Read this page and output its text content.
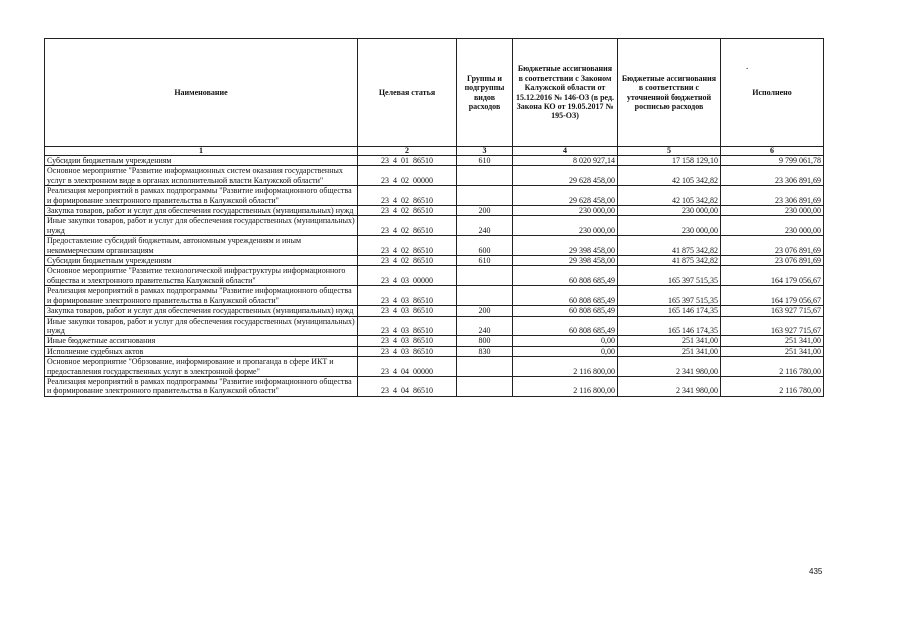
Наименование	Целевая статья	Группы и подгруппы видов расходов	Бюджетные ассигнования в соответствии с Законом Калужской области от 15.12.2016 № 146-ОЗ (в ред. Закона КО от 19.05.2017 № 195-ОЗ)	Бюджетные ассигнования в соответствии с уточненной бюджетной росписью расходов	Исполнено
1	2	3	4	5	6
Субсидии бюджетным учреждениям	23  4  01  86510	610	8 020 927,14	17 158 129,10	9 799 061,78
Основное мероприятие "Развитие информационных систем оказания государственных услуг в электронном виде в органах исполнительной власти Калужской области"	23  4  02  00000		29 628 458,00	42 105 342,82	23 306 891,69
Реализация мероприятий в рамках подпрограммы "Развитие информационного общества и формирование электронного правительства в Калужской области"	23  4  02  86510		29 628 458,00	42 105 342,82	23 306 891,69
Закупка товаров, работ и услуг для обеспечения государственных (муниципальных) нужд	23  4  02  86510	200	230 000,00	230 000,00	230 000,00
Иные закупки товаров, работ и услуг для обеспечения государственных (муниципальных) нужд	23  4  02  86510	240	230 000,00	230 000,00	230 000,00
Предоставление субсидий бюджетным, автономным учреждениям и иным некоммерческим организациям	23  4  02  86510	600	29 398 458,00	41 875 342,82	23 076 891,69
Субсидии бюджетным учреждениям	23  4  02  86510	610	29 398 458,00	41 875 342,82	23 076 891,69
Основное мероприятие "Развитие технологической инфраструктуры информационного общества и электронного правительства Калужской области"	23  4  03  00000		60 808 685,49	165 397 515,35	164 179 056,67
Реализация мероприятий в рамках подпрограммы "Развитие информационного общества и формирование электронного правительства в Калужской области"	23  4  03  86510		60 808 685,49	165 397 515,35	164 179 056,67
Закупка товаров, работ и услуг для обеспечения государственных (муниципальных) нужд	23  4  03  86510	200	60 808 685,49	165 146 174,35	163 927 715,67
Иные закупки товаров, работ и услуг для обеспечения государственных (муниципальных) нужд	23  4  03  86510	240	60 808 685,49	165 146 174,35	163 927 715,67
Иные бюджетные ассигнования	23  4  03  86510	800	0,00	251 341,00	251 341,00
Исполнение судебных актов	23  4  03  86510	830	0,00	251 341,00	251 341,00
Основное мероприятие "Обрзование, информирование и пропаганда в сфере ИКТ и предоставления государственных услуг в электронной форме"	23  4  04  00000		2 116 800,00	2 341 980,00	2 116 780,00
Реализация мероприятий в рамках подпрограммы "Развитие информационного общества и формирование электронного правительства в Калужской области"	23  4  04  86510		2 116 800,00	2 341 980,00	2 116 780,00
.
435
